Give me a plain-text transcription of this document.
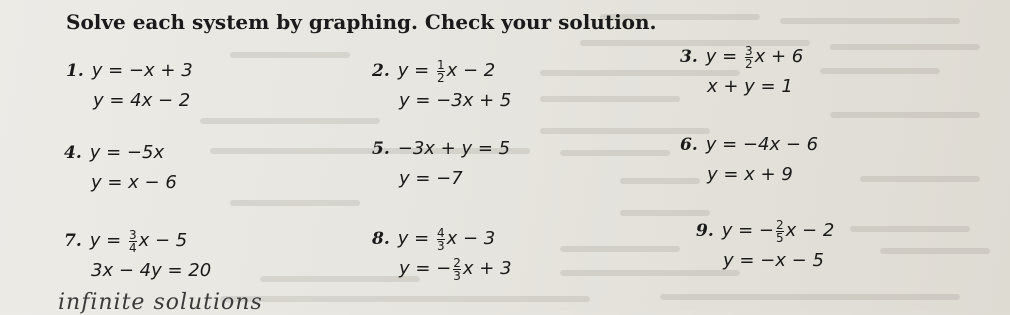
Solve each system by graphing. Check your solution.
1. y = −x + 3
y = 4x − 2
2. $y = \frac{1}{2}$ x − 2
y = −3x + 5
3. $y = \frac{3}{2}$ x + 6
x + y = 1
4. y = −5x
y = x − 6
5. −3x + y = 5
y = −7
6. y = −4x − 6
y = x + 9
7. $y = \frac{3}{4}$ x − 5
3x − 4y = 20
8. $y = \frac{4}{3}$ x − 3
y = − $\frac{2}{3}$ x + 3
9. y = − $\frac{2}{5}$ x − 2
y = −x − 5
infinite solutions
